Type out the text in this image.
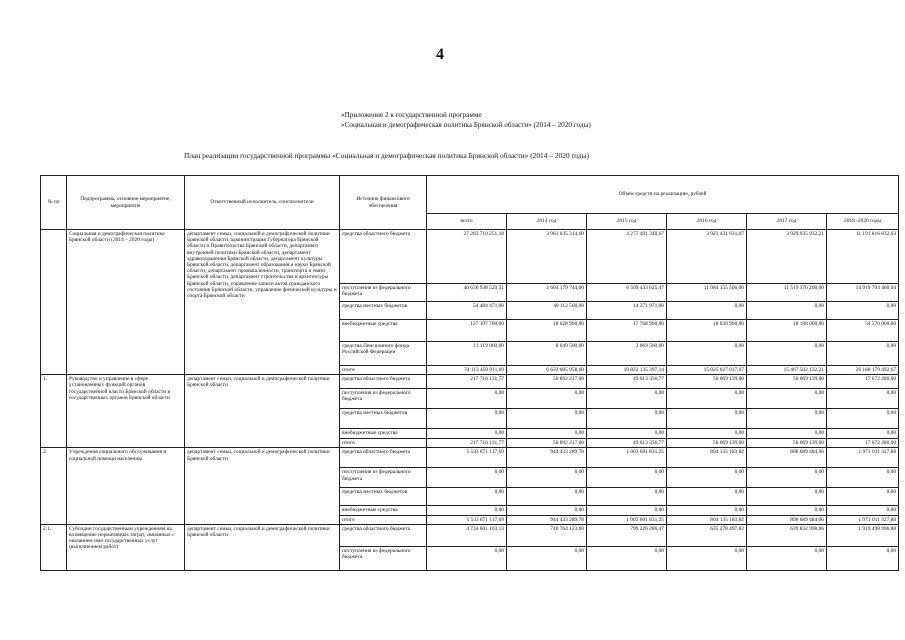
4
«Приложение 2 к государственной программе
«Социальная и демографическая политика Брянской области» (2014 – 2020 годы)
План реализации государственной программы «Социальная и демографическая политика Брянской области» (2014 – 2020 годы)
№ пп	Подпрограмма, основное мероприятие, мероприятие	Ответственный исполнитель, соисполнители	Источник финансового обеспечения	Объем средств на реализацию, рублей					
				всего	2014 год	2015 год	2016 год	2017 год	2018 -2020 годы
	Социальная и демографическая политика Брянской области (2014 – 2020 годы)	департамент семьи, социальной и демографической политики Брянской области, администрация Губернатора Брянской области и Правительства Брянской области, департамент внутренней политики Брянской области, департамент здравоохранения Брянской области, департамент культуры Брянской области, департамент образования и науки Брянской области, департамент промышленности, транспорта и связи Брянской области, департамент строительства и архитектуры Брянской области, управление записи актов гражданского состояния Брянской области, управление физической культуры и спорта Брянской области	средства областного бюджета	27 283 710 251,18	3 961 035 314,60	4 277 491 340,67	3 923 431 631,07	3 929 935 932,21	11 191 816 032,63
			поступления из федерального бюджета	46 636 938 529,51	2 604 179 744,00	6 509 433 625,47	11 084 155 506,00	11 519 376 200,00	14 919 793 460,04
			средства местных бюджетов	54 484 471,00	40 112 500,00	14 371 971,00	0,00	0,00	0,00
			внебюджетные средства	127 197 700,00	18 628 900,00	17 768 900,00	18 039 900,00	18 190 000,00	54 570 000,00
			средства Пенсионного фонда Российской Федерации	11 119 060,00	8 049 500,00	3 069 560,00	0,00	0,00	0,00
			итого	74 113 450 011,69	6 632 005 958,60	10 822 135 397,14	15 025 627 037,07	15 467 502 132,21	26 166 179 492,67
1.	Руководство и управление в сфере установленных функций органов государственной власти Брянской области и государственных органов Брянской области	департамент семьи, социальной и демографической политики Брянской области	средства областного бюджета	217 716 131,77	50 892 217,00	49 013 356,77	50 069 139,00	50 069 139,00	17 672 280,00
			поступления из федерального бюджета	0,00	0,00	0,00	0,00	0,00	0,00
			средства местных бюджетов	0,00	0,00	0,00	0,00	0,00	0,00
			внебюджетные средства	0,00	0,00	0,00	0,00	0,00	0,00
			итого	217 716 131,77	50 892 217,00	49 013 356,77	50 069 139,00	50 069 139,00	17 672 280,00
2.	Учреждения социального обслуживания и социальной помощи населению	департамент семьи, социальной и демографической политики Брянской области	средства областного бюджета	5 533 871 117,69	944 433 289,78	1 003 601 831,25	804 135 183,82	808 689 484,96	1 971 011 327,88
			поступления из федерального бюджета	0,00	0,00	0,00	0,00	0,00	0,00
			средства местных бюджетов	0,00	0,00	0,00	0,00	0,00	0,00
			внебюджетные средства	0,00	0,00	0,00	0,00	0,00	0,00
			итого	5 533 871 117,69	944 433 289,78	1 003 601 831,25	804 135 183,82	808 689 484,96	1 971 011 327,88
2.1.	Субсидии государственным учреждениям на возмещение нормативных затрат, связанных с оказанием ими государственных услуг (выполнением работ)	департамент семьи, социальной и демографической политики Брянской области	средства областного бюджета	4 734 601 103,13	740 764 123,00	799 226 286,47	635 278 497,82	639 832 998,96	1 919 498 996,88
			поступления из федерального бюджета	0,00	0,00	0,00	0,00	0,00	0,00
